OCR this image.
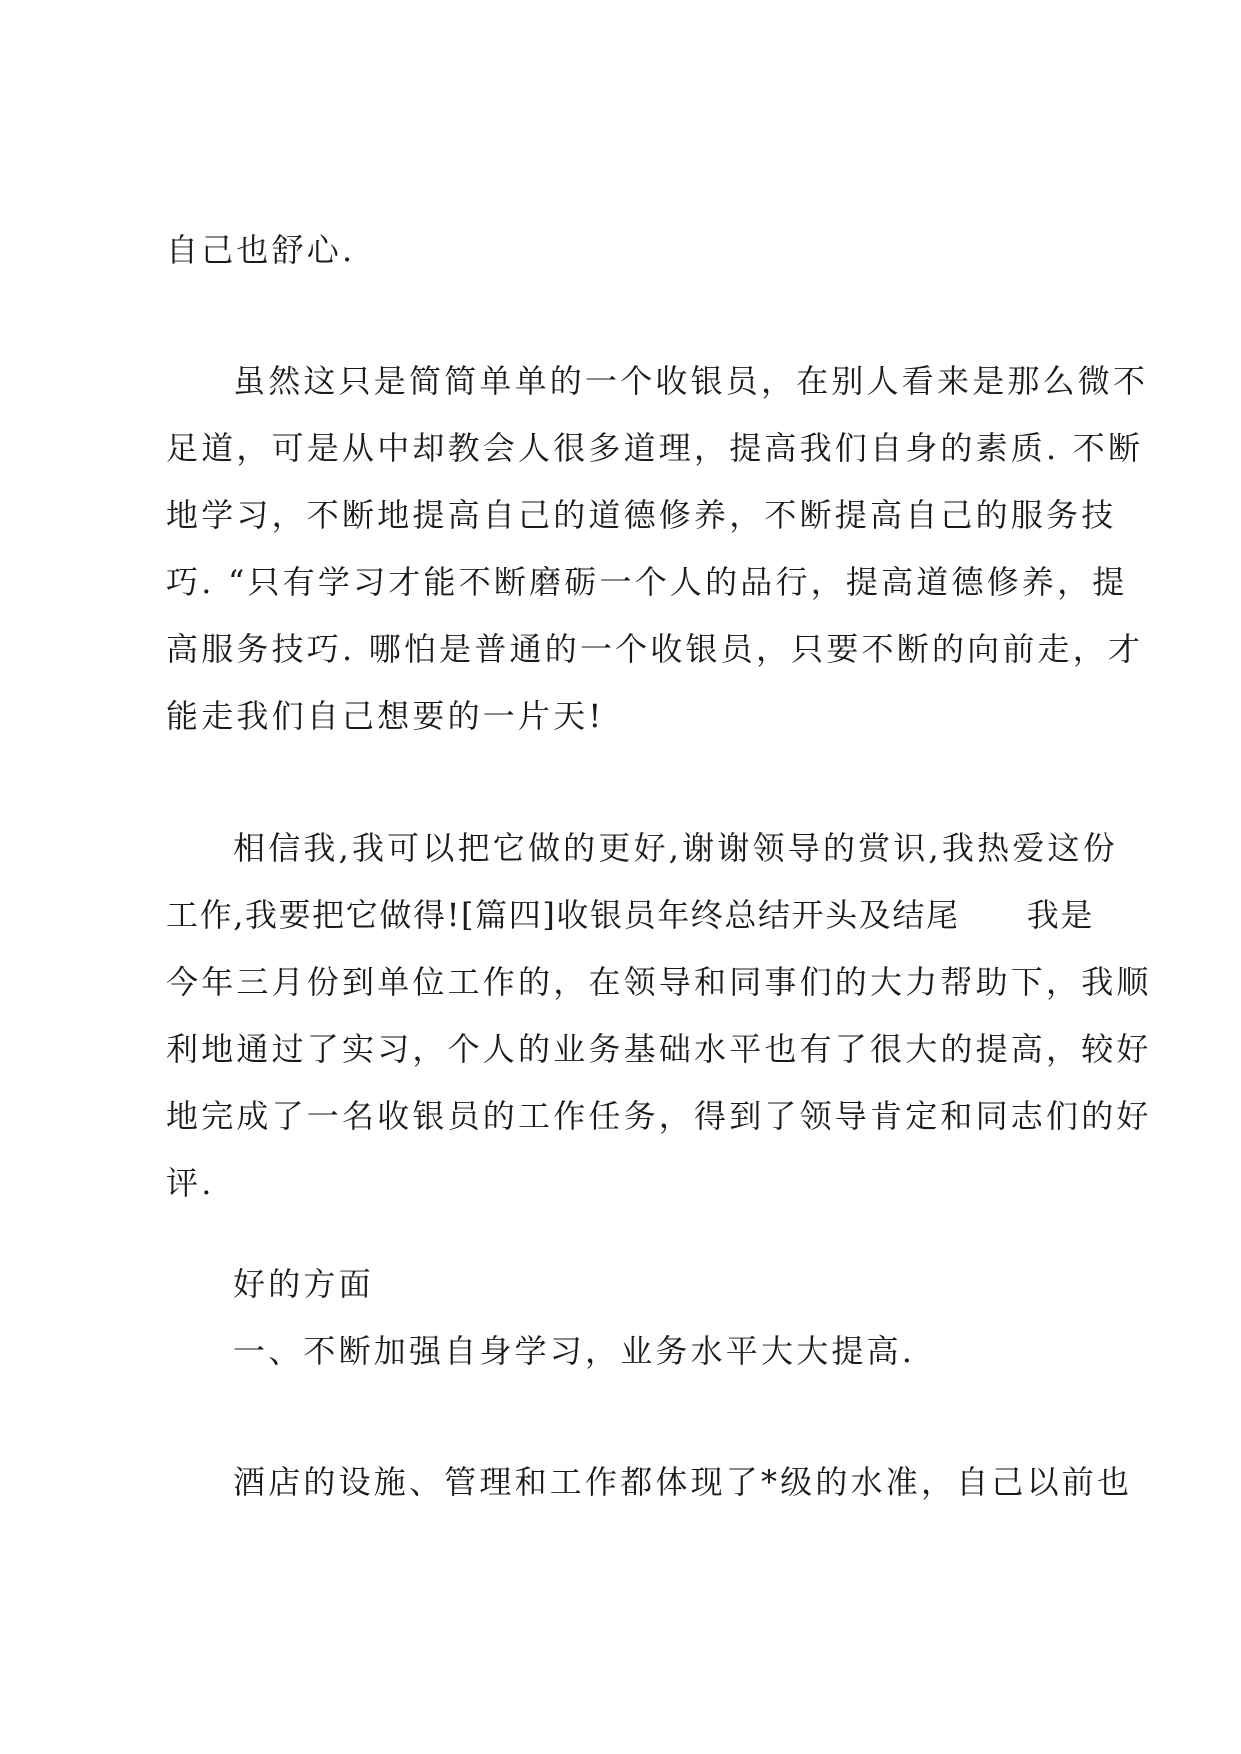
自己也舒心.
虽然这只是简简单单的一个收银员，在别人看来是那么微不
足道，可是从中却教会人很多道理，提高我们自身的素质. 不断
地学习，不断地提高自己的道德修养，不断提高自己的服务技
巧. “只有学习才能不断磨砺一个人的品行，提高道德修养，提
高服务技巧. 哪怕是普通的一个收银员，只要不断的向前走，才
能走我们自己想要的一片天!
相信我,我可以把它做的更好,谢谢领导的赏识,我热爱这份
工作,我要把它做得![篇四]收银员年终总结开头及结尾　　我是
今年三月份到单位工作的，在领导和同事们的大力帮助下，我顺
利地通过了实习，个人的业务基础水平也有了很大的提高，较好
地完成了一名收银员的工作任务，得到了领导肯定和同志们的好
评.
好的方面
一、不断加强自身学习，业务水平大大提高.
酒店的设施、管理和工作都体现了*级的水准，自己以前也
